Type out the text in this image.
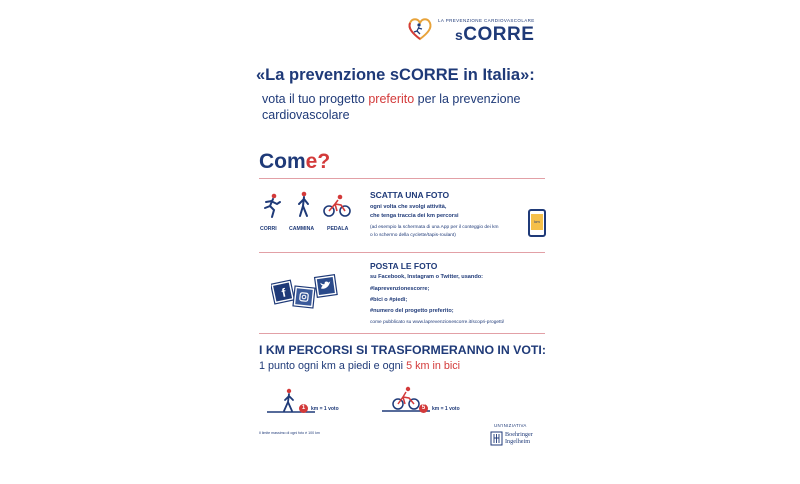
LA PREVENZIONE CARDIOVASCOLARE
sCORRE
«La prevenzione sCORRE in Italia»:
vota il tuo progetto preferito per la prevenzione
cardiovascolare
Come?
CORRI CAMMINA PEDALA
SCATTA UNA FOTO
ogni volta che svolgi attività,
che tenga traccia dei km percorsi
(ad esempio la schermata di una App per il conteggio dei km
o lo schermo della cyclette/tapis-roulant)
km
f
POSTA LE FOTO
su Facebook, Instagram o Twitter, usando:
#laprevenzionescorre;
#bici o #piedi;
#numero del progetto preferito;
come pubblicato su www.laprevenzionescorre.it/scopri-progetti/
I KM PERCORSI SI TRASFORMERANNO IN VOTI:
1 punto ogni km a piedi e ogni 5 km in bici
1	km = 1 voto	5	km = 1 voto
Il limite massimo di ogni foto è 100 km
UN'INIZIATIVA
Boehringer
Ingelheim
